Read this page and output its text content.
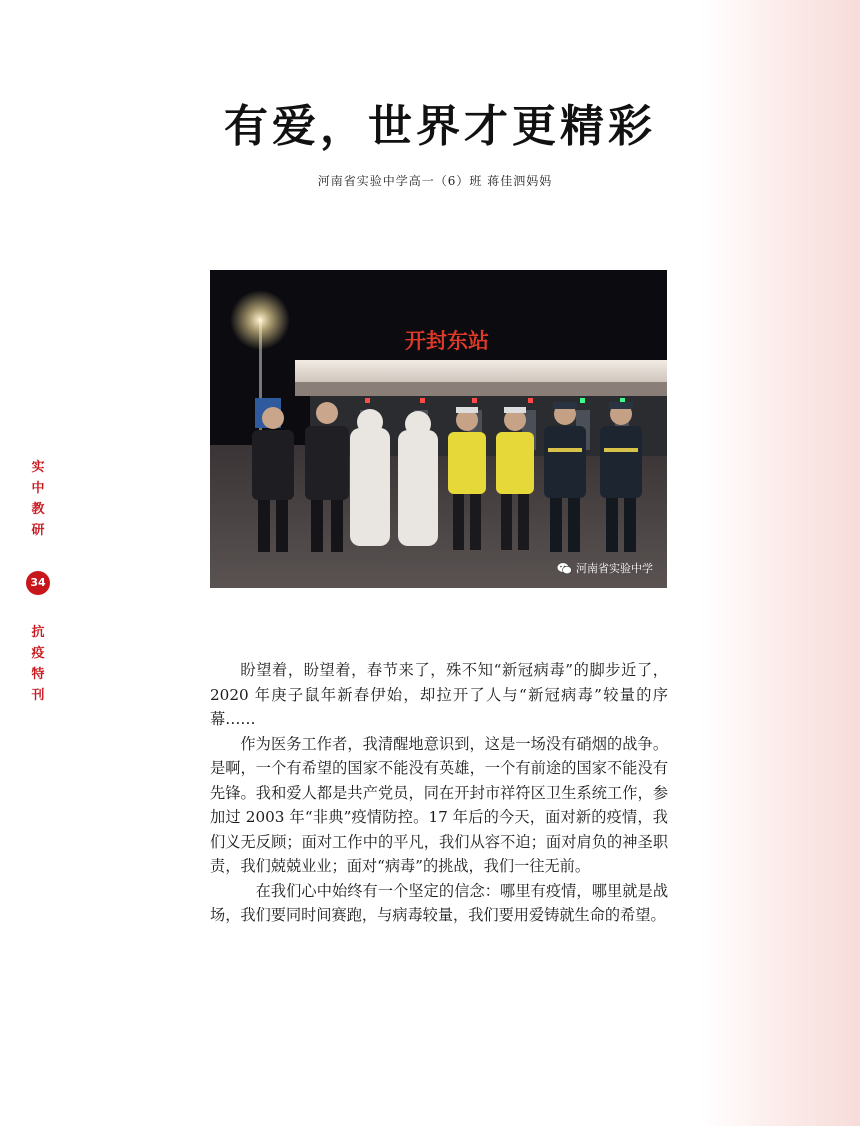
有爱，世界才更精彩
河南省实验中学高一（6）班 蒋佳泗妈妈
开封东站
河南省实验中学
实
中
教
研
34
抗
疫
特
刊

盼望着，盼望着，春节来了，殊不知“新冠病毒”的脚步近了，2020 年庚子鼠年新春伊始，却拉开了人与“新冠病毒”较量的序幕……

作为医务工作者，我清醒地意识到，这是一场没有硝烟的战争。是啊，一个有希望的国家不能没有英雄，一个有前途的国家不能没有先锋。我和爱人都是共产党员，同在开封市祥符区卫生系统工作，参加过 2003 年“非典”疫情防控。17 年后的今天，面对新的疫情，我们义无反顾；面对工作中的平凡，我们从容不迫；面对肩负的神圣职责，我们兢兢业业；面对“病毒”的挑战，我们一往无前。

在我们心中始终有一个坚定的信念：哪里有疫情，哪里就是战场，我们要同时间赛跑，与病毒较量，我们要用爱铸就生命的希望。
